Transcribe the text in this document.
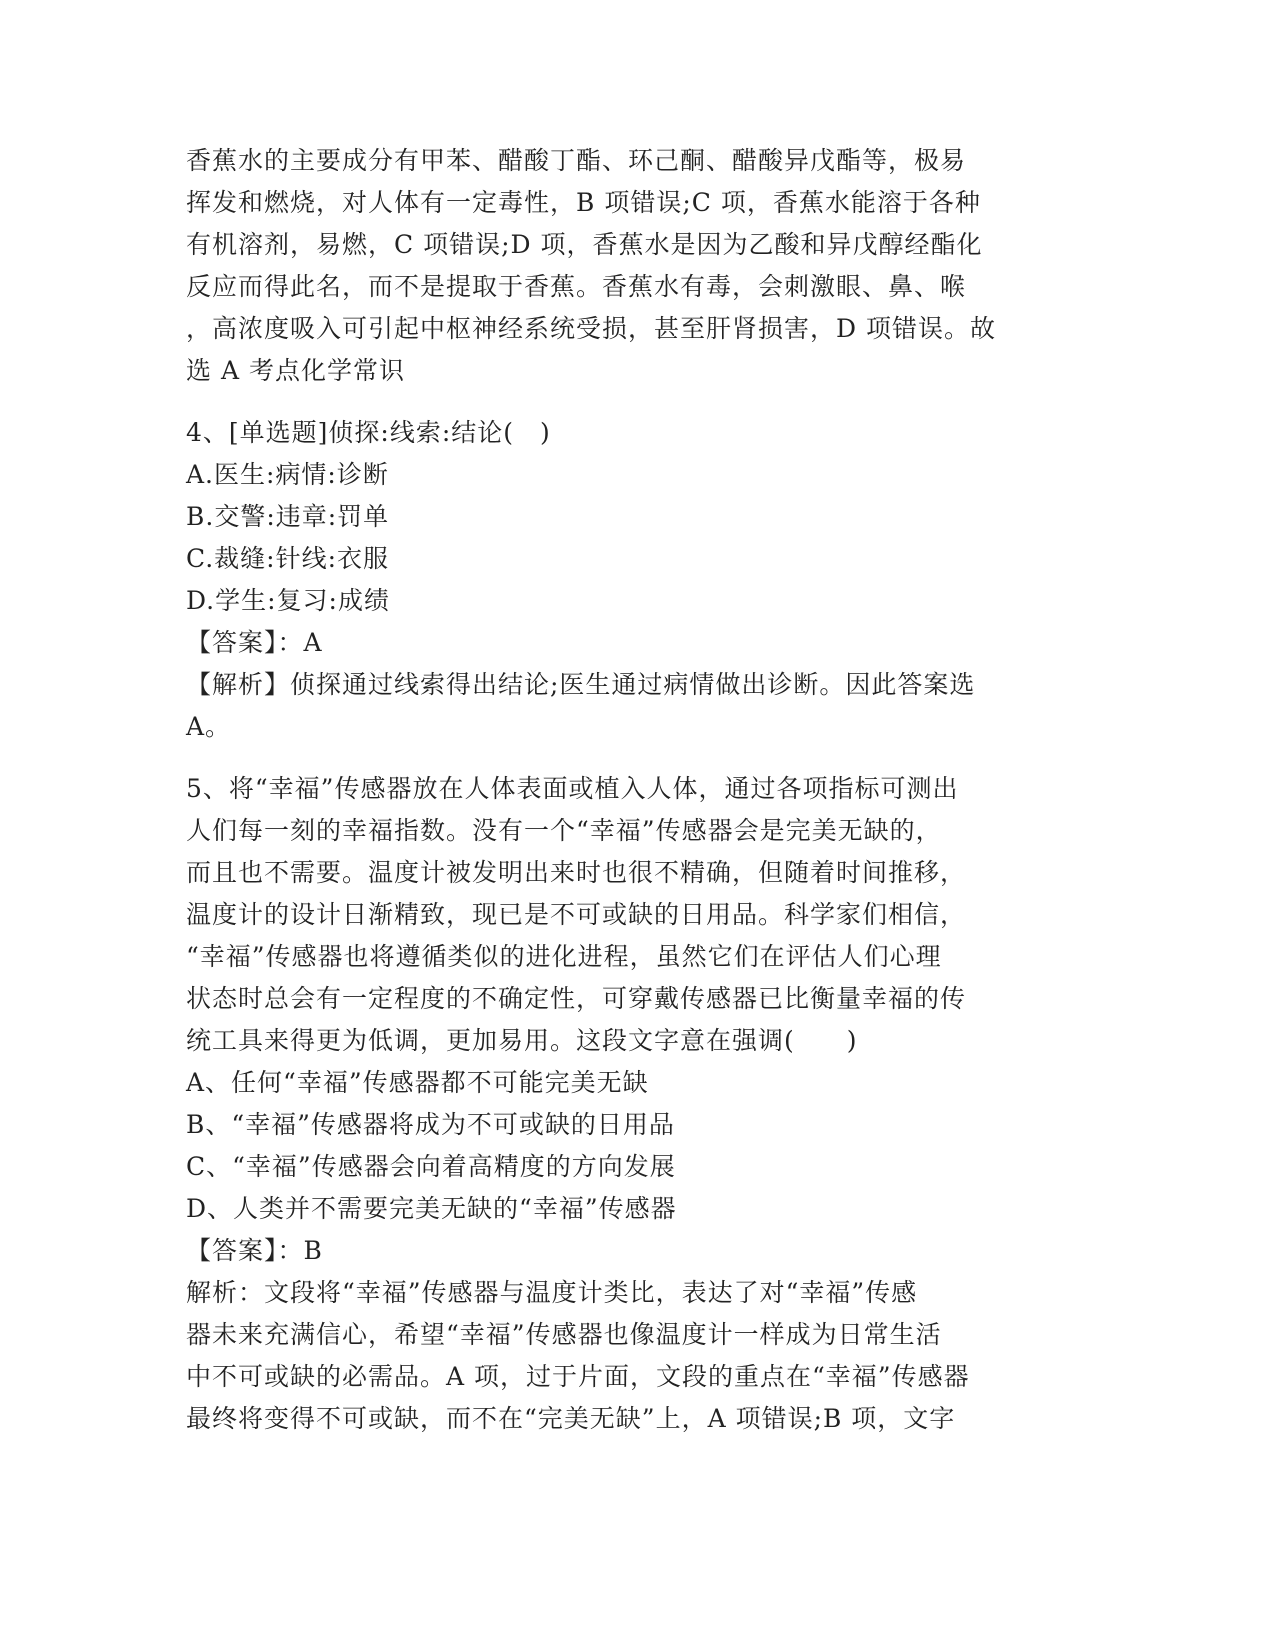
香蕉水的主要成分有甲苯、醋酸丁酯、环己酮、醋酸异戊酯等，极易
挥发和燃烧，对人体有一定毒性，B 项错误;C 项，香蕉水能溶于各种
有机溶剂，易燃，C 项错误;D 项，香蕉水是因为乙酸和异戊醇经酯化
反应而得此名，而不是提取于香蕉。香蕉水有毒，会刺激眼、鼻、喉
，高浓度吸入可引起中枢神经系统受损，甚至肝肾损害，D 项错误。故
选 A 考点化学常识
4、[单选题]侦探:线索:结论(　)
A.医生:病情:诊断
B.交警:违章:罚单
C.裁缝:针线:衣服
D.学生:复习:成绩
【答案】：A
【解析】侦探通过线索得出结论;医生通过病情做出诊断。因此答案选
A。
5、将“幸福”传感器放在人体表面或植入人体，通过各项指标可测出
人们每一刻的幸福指数。没有一个“幸福”传感器会是完美无缺的，
而且也不需要。温度计被发明出来时也很不精确，但随着时间推移，
温度计的设计日渐精致，现已是不可或缺的日用品。科学家们相信，
“幸福”传感器也将遵循类似的进化进程，虽然它们在评估人们心理
状态时总会有一定程度的不确定性，可穿戴传感器已比衡量幸福的传
统工具来得更为低调，更加易用。这段文字意在强调(　　)
A、任何“幸福”传感器都不可能完美无缺
B、“幸福”传感器将成为不可或缺的日用品
C、“幸福”传感器会向着高精度的方向发展
D、人类并不需要完美无缺的“幸福”传感器
【答案】：B
解析：文段将“幸福”传感器与温度计类比，表达了对“幸福”传感
器未来充满信心，希望“幸福”传感器也像温度计一样成为日常生活
中不可或缺的必需品。A 项，过于片面，文段的重点在“幸福”传感器
最终将变得不可或缺，而不在“完美无缺”上，A 项错误;B 项，文字
